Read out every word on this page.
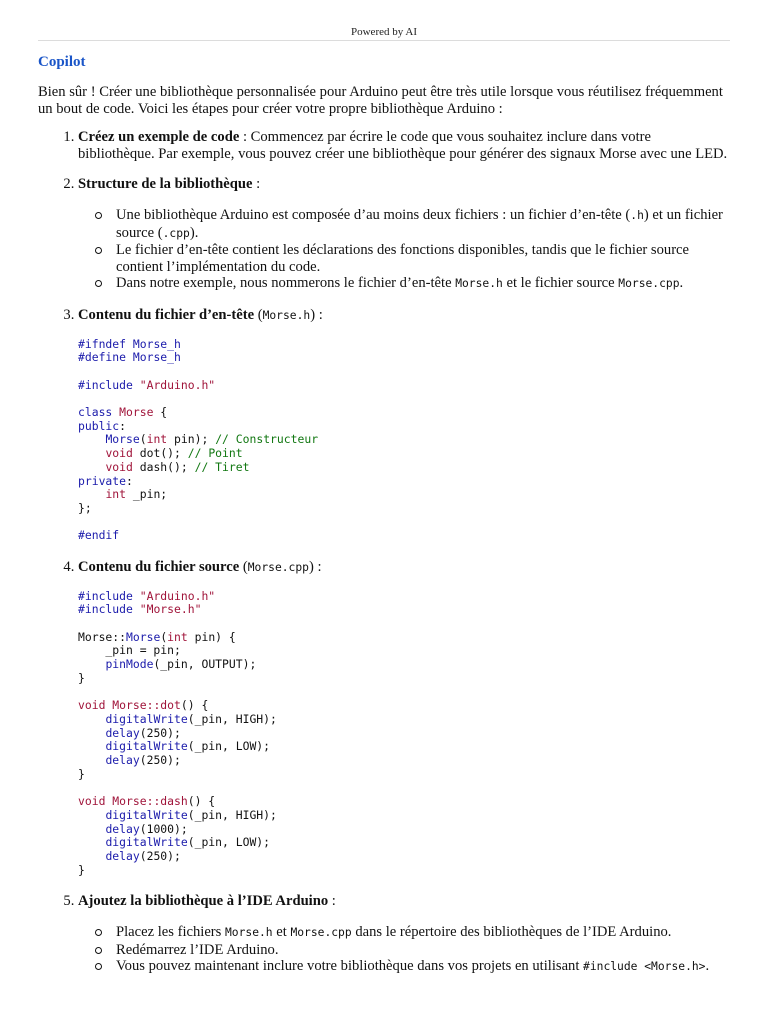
Powered by AI
Copilot

Bien sûr ! Créer une bibliothèque personnalisée pour Arduino peut être très utile lorsque vous réutilisez fréquemment un bout de code. Voici les étapes pour créer votre propre bibliothèque Arduino :

1. Créez un exemple de code : Commencez par écrire le code que vous souhaitez inclure dans votre bibliothèque. Par exemple, vous pouvez créer une bibliothèque pour générer des signaux Morse avec une LED.
2. Structure de la bibliothèque :
Une bibliothèque Arduino est composée d’au moins deux fichiers : un fichier d’en-tête (.h) et un fichier source (.cpp).
Le fichier d’en-tête contient les déclarations des fonctions disponibles, tandis que le fichier source contient l’implémentation du code.
Dans notre exemple, nous nommerons le fichier d’en-tête Morse.h et le fichier source Morse.cpp.
3. Contenu du fichier d’en-tête (Morse.h) :
#ifndef Morse_h
#define Morse_h

#include "Arduino.h"

class Morse {
public:
Morse(int pin); // Constructeur
void dot(); // Point
void dash(); // Tiret
private:
int _pin;
};

#endif
4. Contenu du fichier source (Morse.cpp) :
#include "Arduino.h"
#include "Morse.h"

Morse::Morse(int pin) {
_pin = pin;
pinMode(_pin, OUTPUT);
}

void Morse::dot() {
digitalWrite(_pin, HIGH);
delay(250);
digitalWrite(_pin, LOW);
delay(250);
}

void Morse::dash() {
digitalWrite(_pin, HIGH);
delay(1000);
digitalWrite(_pin, LOW);
delay(250);
}
5. Ajoutez la bibliothèque à l’IDE Arduino :
Placez les fichiers Morse.h et Morse.cpp dans le répertoire des bibliothèques de l’IDE Arduino.
Redémarrez l’IDE Arduino.
Vous pouvez maintenant inclure votre bibliothèque dans vos projets en utilisant #include <Morse.h>.
